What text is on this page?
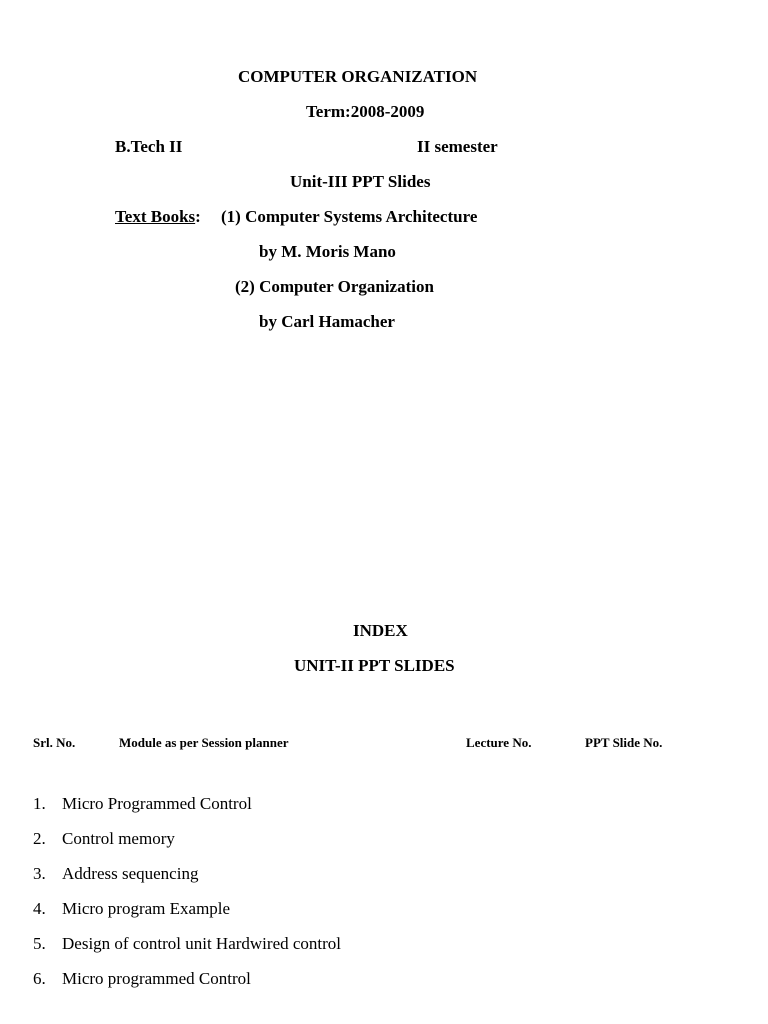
COMPUTER ORGANIZATION
Term:2008-2009
B.Tech II	II semester
Unit-III PPT Slides
Text Books: (1) Computer Systems Architecture
by M. Moris Mano
(2) Computer Organization
by Carl Hamacher
INDEX
UNIT-II PPT SLIDES
Srl. No.	Module as per Session planner	Lecture No.	PPT Slide No.
1. Micro Programmed Control
2. Control memory
3. Address sequencing
4. Micro program Example
5. Design of control unit Hardwired control
6. Micro programmed Control
